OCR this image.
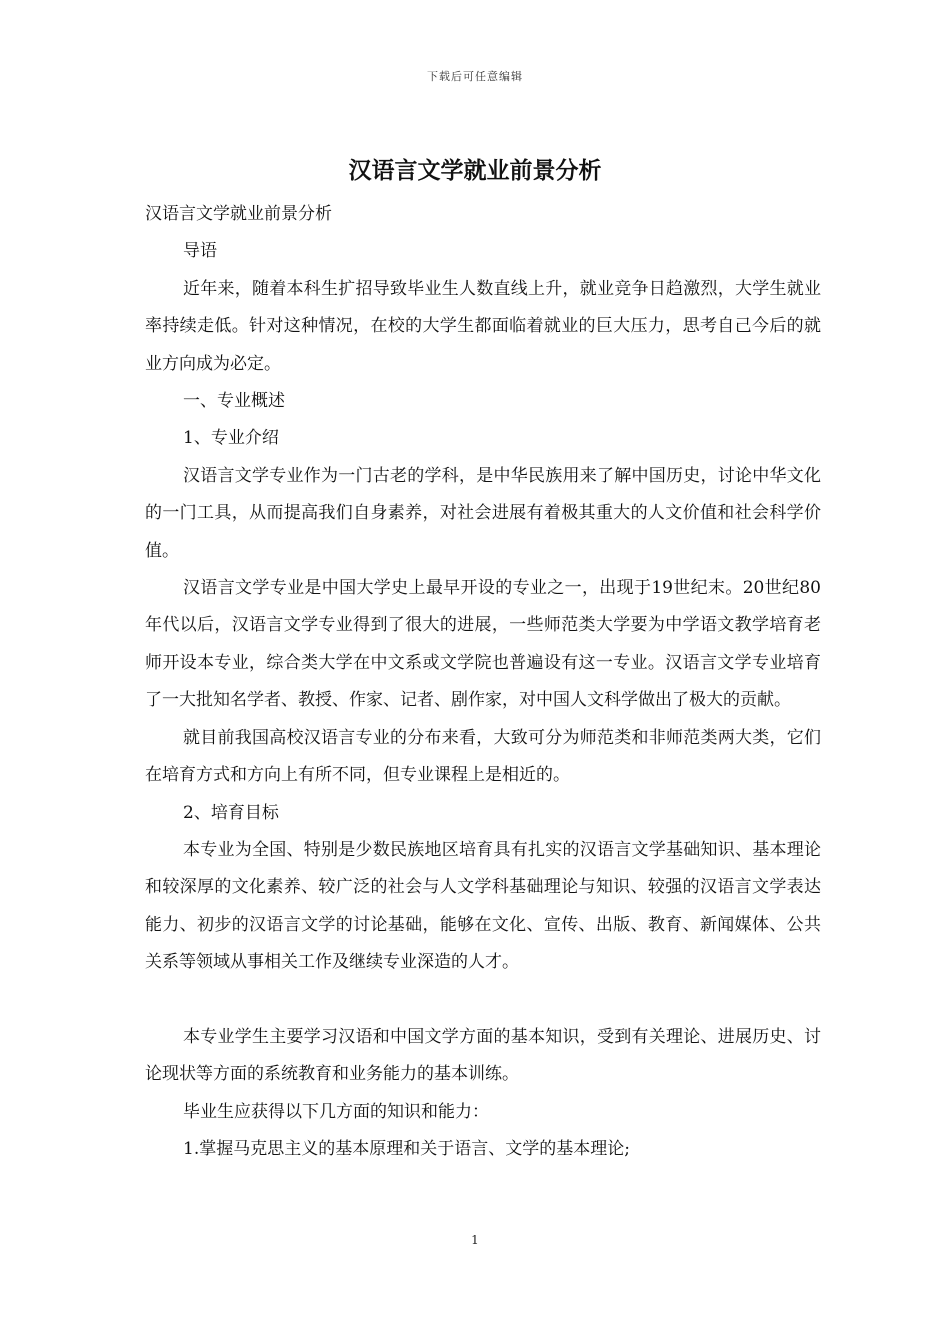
下载后可任意编辑
汉语言文学就业前景分析

汉语言文学就业前景分析

导语

近年来，随着本科生扩招导致毕业生人数直线上升，就业竞争日趋激烈，大学生就业率持续走低。针对这种情况，在校的大学生都面临着就业的巨大压力，思考自己今后的就业方向成为必定。

一、专业概述

1、专业介绍

汉语言文学专业作为一门古老的学科，是中华民族用来了解中国历史，讨论中华文化的一门工具，从而提高我们自身素养，对社会进展有着极其重大的人文价值和社会科学价值。

汉语言文学专业是中国大学史上最早开设的专业之一，出现于19世纪末。20世纪80年代以后，汉语言文学专业得到了很大的进展，一些师范类大学要为中学语文教学培育老师开设本专业，综合类大学在中文系或文学院也普遍设有这一专业。汉语言文学专业培育了一大批知名学者、教授、作家、记者、剧作家，对中国人文科学做出了极大的贡献。

就目前我国高校汉语言专业的分布来看，大致可分为师范类和非师范类两大类，它们在培育方式和方向上有所不同，但专业课程上是相近的。

2、培育目标

本专业为全国、特别是少数民族地区培育具有扎实的汉语言文学基础知识、基本理论和较深厚的文化素养、较广泛的社会与人文学科基础理论与知识、较强的汉语言文学表达能力、初步的汉语言文学的讨论基础，能够在文化、宣传、出版、教育、新闻媒体、公共关系等领域从事相关工作及继续专业深造的人才。

本专业学生主要学习汉语和中国文学方面的基本知识，受到有关理论、进展历史、讨论现状等方面的系统教育和业务能力的基本训练。

毕业生应获得以下几方面的知识和能力：

1.掌握马克思主义的基本原理和关于语言、文学的基本理论;

1
